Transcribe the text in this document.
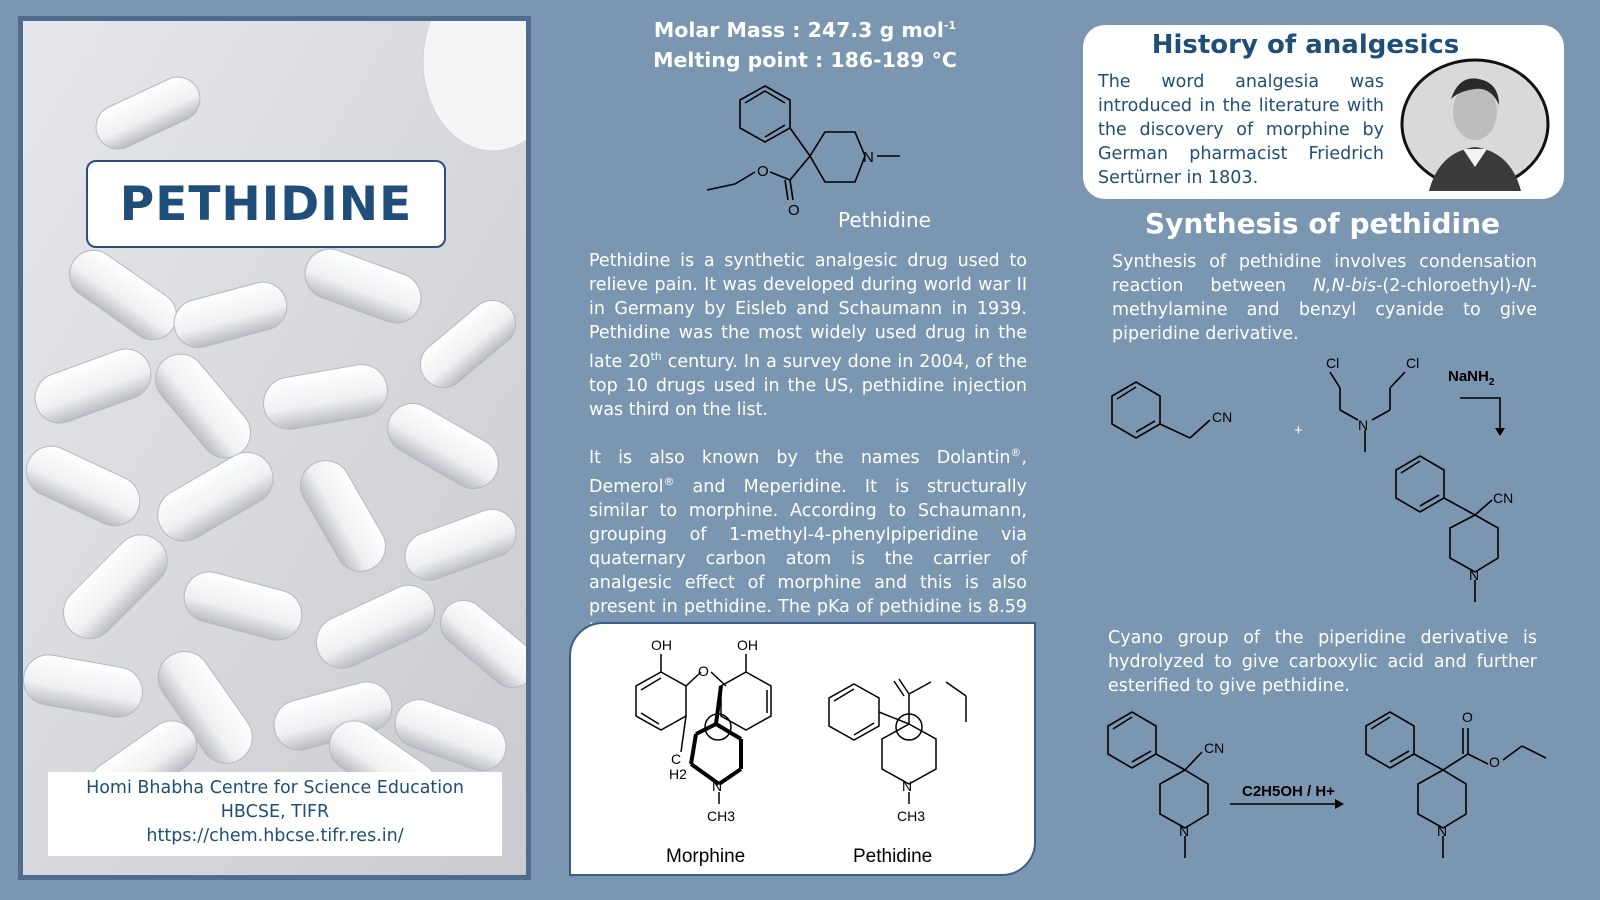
PETHIDINE
Homi Bhabha Centre for Science Education
HBCSE, TIFR
https://chem.hbcse.tifr.res.in/
Molar Mass : 247.3 g mol$^{-1}$
Melting point : 186-189 °C
N
O
O Pethidine
Pethidine is a synthetic analgesic drug used to relieve pain. It was developed during world war II in Germany by Eisleb and Schaumann in 1939. Pethidine was the most widely used drug in the late 20th century. In a survey done in 2004, of the top 10 drugs used in the US, pethidine injection was third on the list.
It is also known by the names Dolantin®, Demerol® and Meperidine. It is structurally similar to morphine. According to Schaumann, grouping of 1-methyl-4-phenylpiperidine via quaternary carbon atom is the carrier of analgesic effect of morphine and this is also present in pethidine. The pKa of pethidine is 8.59
OH	OH
O
C
H2
N
CH3
N
CH3
Morphine	Pethidine
History of analgesics
The word analgesia was introduced in the literature with the discovery of morphine by German pharmacist Friedrich Sertürner in 1803.
Synthesis of pethidine
Synthesis of pethidine involves condensation reaction between N,N-bis-(2-chloroethyl)-N-methylamine and benzyl cyanide to give piperidine derivative.
CN
Cl	Cl
N
+
NaNH$_2$
CN
N
Cyano group of the piperidine derivative is hydrolyzed to give carboxylic acid and further esterified to give pethidine.
CN
N
C2H5OH / H+
O
O
N
